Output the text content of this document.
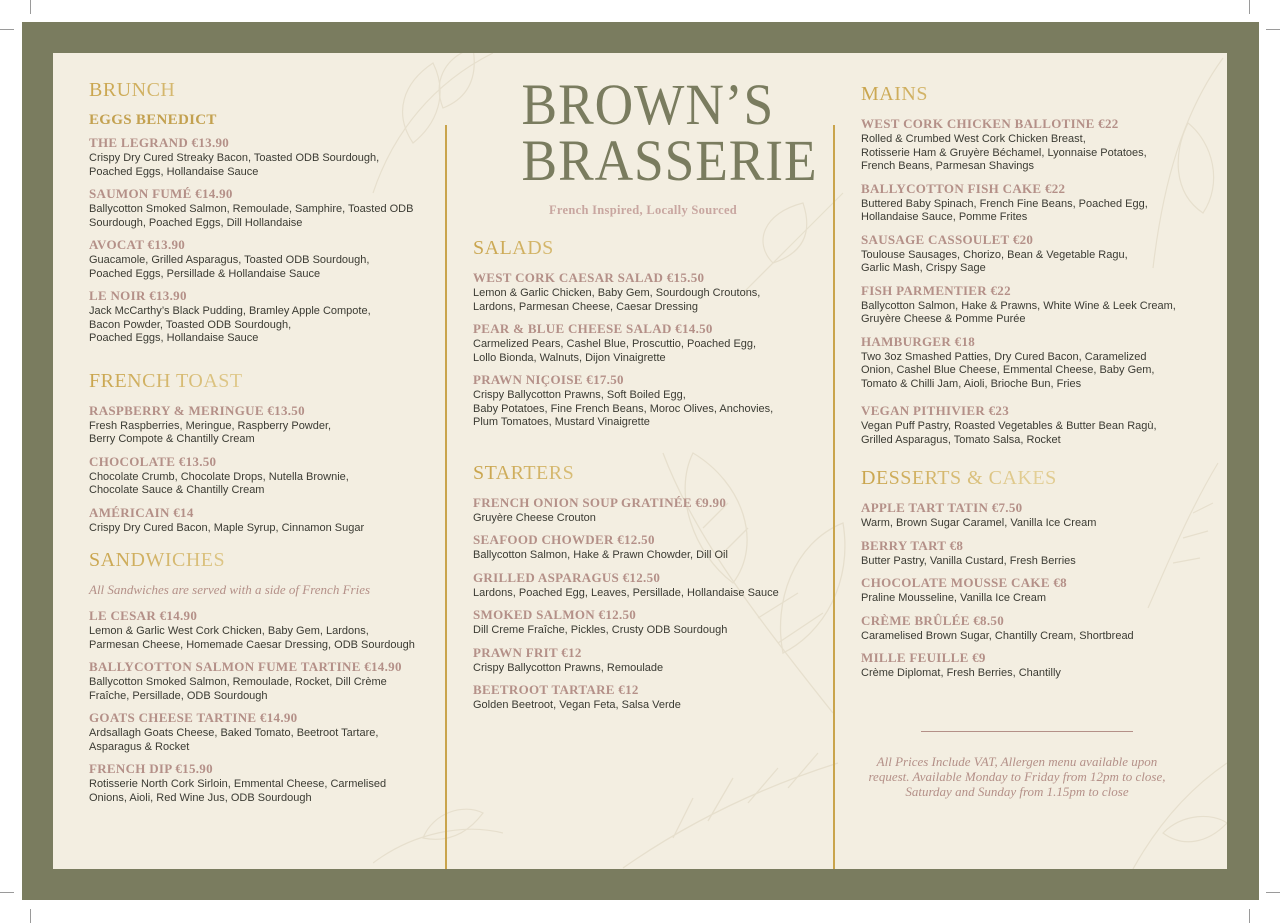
BRUNCH
EGGS BENEDICT
THE LEGRAND €13.90
Crispy Dry Cured Streaky Bacon, Toasted ODB Sourdough,
Poached Eggs, Hollandaise Sauce
SAUMON FUMÉ €14.90
Ballycotton Smoked Salmon, Remoulade, Samphire, Toasted ODB
Sourdough, Poached Eggs, Dill Hollandaise
AVOCAT €13.90
Guacamole, Grilled Asparagus, Toasted ODB Sourdough,
Poached Eggs, Persillade & Hollandaise Sauce
LE NOIR €13.90
Jack McCarthy’s Black Pudding, Bramley Apple Compote,
Bacon Powder, Toasted ODB Sourdough,
Poached Eggs, Hollandaise Sauce
FRENCH TOAST
RASPBERRY & MERINGUE €13.50
Fresh Raspberries, Meringue, Raspberry Powder,
Berry Compote & Chantilly Cream
CHOCOLATE €13.50
Chocolate Crumb, Chocolate Drops, Nutella Brownie,
Chocolate Sauce & Chantilly Cream
AMÉRICAIN €14
Crispy Dry Cured Bacon, Maple Syrup, Cinnamon Sugar
SANDWICHES
All Sandwiches are served with a side of French Fries
LE CESAR €14.90
Lemon & Garlic West Cork Chicken, Baby Gem, Lardons,
Parmesan Cheese, Homemade Caesar Dressing, ODB Sourdough
BALLYCOTTON SALMON FUME TARTINE €14.90
Ballycotton Smoked Salmon, Remoulade, Rocket, Dill Crème
Fraîche, Persillade, ODB Sourdough
GOATS CHEESE TARTINE €14.90
Ardsallagh Goats Cheese, Baked Tomato, Beetroot Tartare,
Asparagus & Rocket
FRENCH DIP €15.90
Rotisserie North Cork Sirloin, Emmental Cheese, Carmelised
Onions, Aioli, Red Wine Jus, ODB Sourdough
BROWN’S
BRASSERIE
French Inspired, Locally Sourced
SALADS
WEST CORK CAESAR SALAD €15.50
Lemon & Garlic Chicken, Baby Gem, Sourdough Croutons,
Lardons, Parmesan Cheese, Caesar Dressing
PEAR & BLUE CHEESE SALAD €14.50
Carmelized Pears, Cashel Blue, Proscuttio, Poached Egg,
Lollo Bionda, Walnuts, Dijon Vinaigrette
PRAWN NIÇOISE €17.50
Crispy Ballycotton Prawns, Soft Boiled Egg,
Baby Potatoes, Fine French Beans, Moroc Olives, Anchovies,
Plum Tomatoes, Mustard Vinaigrette
STARTERS
FRENCH ONION SOUP GRATINÉE €9.90
Gruyère Cheese Crouton
SEAFOOD CHOWDER €12.50
Ballycotton Salmon, Hake & Prawn Chowder, Dill Oil
GRILLED ASPARAGUS €12.50
Lardons, Poached Egg, Leaves, Persillade, Hollandaise Sauce
SMOKED SALMON €12.50
Dill Creme Fraîche, Pickles, Crusty ODB Sourdough
PRAWN FRIT €12
Crispy Ballycotton Prawns, Remoulade
BEETROOT TARTARE €12
Golden Beetroot, Vegan Feta, Salsa Verde
MAINS
WEST CORK CHICKEN BALLOTINE €22
Rolled & Crumbed West Cork Chicken Breast,
Rotisserie Ham & Gruyère Béchamel, Lyonnaise Potatoes,
French Beans, Parmesan Shavings
BALLYCOTTON FISH CAKE €22
Buttered Baby Spinach, French Fine Beans, Poached Egg,
Hollandaise Sauce, Pomme Frites
SAUSAGE CASSOULET €20
Toulouse Sausages, Chorizo, Bean & Vegetable Ragu,
Garlic Mash, Crispy Sage
FISH PARMENTIER €22
Ballycotton Salmon, Hake & Prawns, White Wine & Leek Cream,
Gruyère Cheese & Pomme Purée
HAMBURGER €18
Two 3oz Smashed Patties, Dry Cured Bacon, Caramelized
Onion, Cashel Blue Cheese, Emmental Cheese, Baby Gem,
Tomato & Chilli Jam, Aioli, Brioche Bun, Fries
VEGAN PITHIVIER €23
Vegan Puff Pastry, Roasted Vegetables & Butter Bean Ragù,
Grilled Asparagus, Tomato Salsa, Rocket
DESSERTS & CAKES
APPLE TART TATIN €7.50
Warm, Brown Sugar Caramel, Vanilla Ice Cream
BERRY TART €8
Butter Pastry, Vanilla Custard, Fresh Berries
CHOCOLATE MOUSSE CAKE €8
Praline Mousseline, Vanilla Ice Cream
CRÈME BRÛLÉE €8.50
Caramelised Brown Sugar, Chantilly Cream, Shortbread
MILLE FEUILLE €9
Crème Diplomat, Fresh Berries, Chantilly
All Prices Include VAT, Allergen menu available upon
request. Available Monday to Friday from 12pm to close,
Saturday and Sunday from 1.15pm to close
